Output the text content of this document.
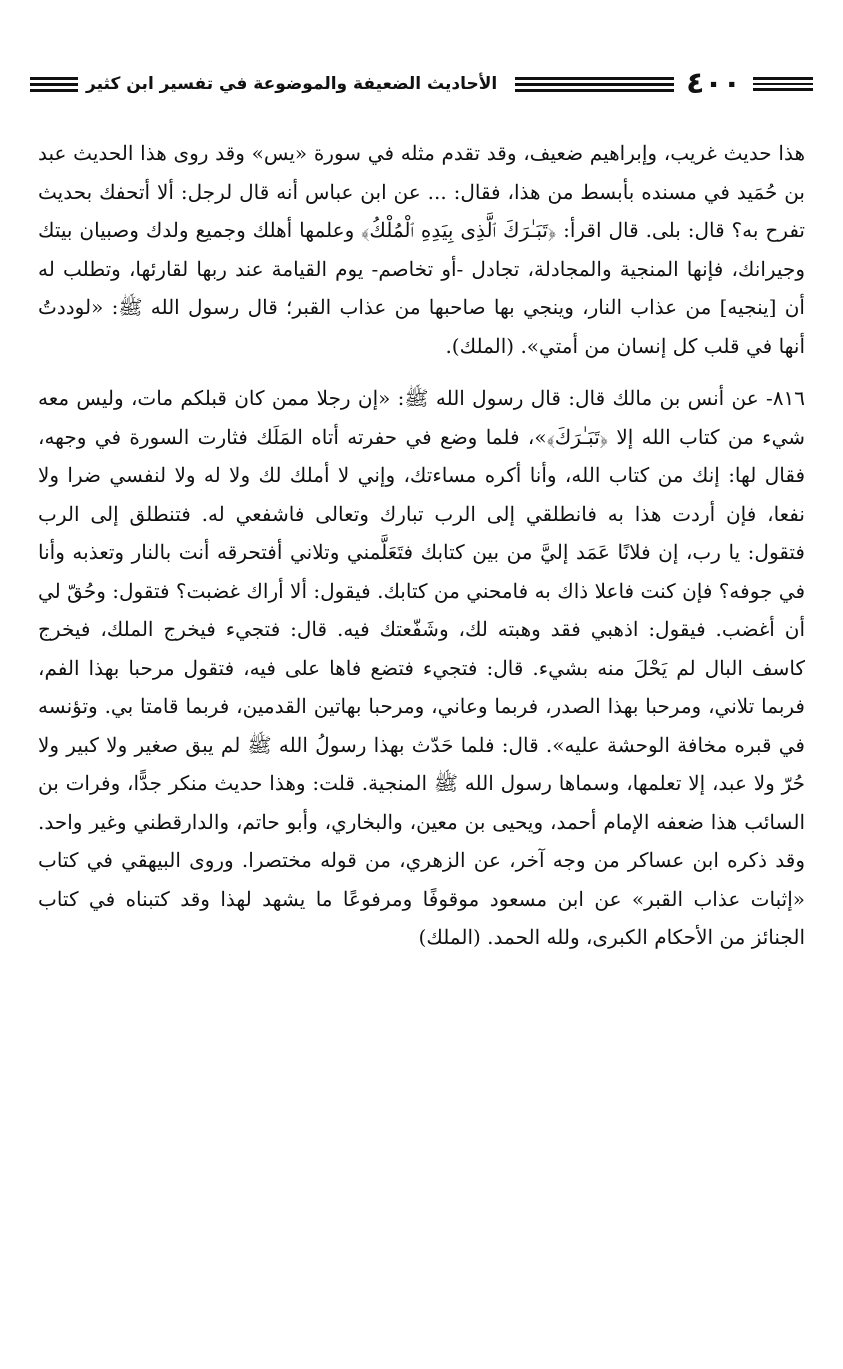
٤٠٠
الأحاديث الضعيفة والموضوعة في تفسير ابن كثير

هذا حديث غريب، وإبراهيم ضعيف، وقد تقدم مثله في سورة «يس» وقد روى هذا الحديث عبد بن حُمَيد في مسنده بأبسط من هذا، فقال: ... عن ابن عباس أنه قال لرجل: ألا أتحفك بحديث تفرح به؟ قال: بلى. قال اقرأ: ﴿تَبَـٰرَكَ ٱلَّذِى بِيَدِهِ ٱلْمُلْكُ﴾ وعلمها أهلك وجميع ولدك وصبيان بيتك وجيرانك، فإنها المنجية والمجادلة، تجادل -أو تخاصم- يوم القيامة عند ربها لقارئها، وتطلب له أن [ينجيه] من عذاب النار، وينجي بها صاحبها من عذاب القبر؛ قال رسول الله ﷺ: «لوددتُ أنها في قلب كل إنسان من أمتي». (الملك).

٨١٦- عن أنس بن مالك قال: قال رسول الله ﷺ: «إن رجلا ممن كان قبلكم مات، وليس معه شيء من كتاب الله إلا ﴿تَبَـٰرَكَ﴾»، فلما وضع في حفرته أتاه المَلَك فثارت السورة في وجهه، فقال لها: إنك من كتاب الله، وأنا أكره مساءتك، وإني لا أملك لك ولا له ولا لنفسي ضرا ولا نفعا، فإن أردت هذا به فانطلقي إلى الرب تبارك وتعالى فاشفعي له. فتنطلق إلى الرب فتقول: يا رب، إن فلانًا عَمَد إليَّ من بين كتابك فتَعَلَّمني وتلاني أفتحرقه أنت بالنار وتعذبه وأنا في جوفه؟ فإن كنت فاعلا ذاك به فامحني من كتابك. فيقول: ألا أراك غضبت؟ فتقول: وحُقّ لي أن أغضب. فيقول: اذهبي فقد وهبته لك، وشَفّعتك فيه. قال: فتجيء فيخرج الملك، فيخرج كاسف البال لم يَحْلَ منه بشيء. قال: فتجيء فتضع فاها على فيه، فتقول مرحبا بهذا الفم، فربما تلاني، ومرحبا بهذا الصدر، فربما وعاني، ومرحبا بهاتين القدمين، فربما قامتا بي. وتؤنسه في قبره مخافة الوحشة عليه». قال: فلما حَدّث بهذا رسولُ الله ﷺ لم يبق صغير ولا كبير ولا حُرّ ولا عبد، إلا تعلمها، وسماها رسول الله ﷺ المنجية. قلت: وهذا حديث منكر جدًّا، وفرات بن السائب هذا ضعفه الإمام أحمد، ويحيى بن معين، والبخاري، وأبو حاتم، والدارقطني وغير واحد. وقد ذكره ابن عساكر من وجه آخر، عن الزهري، من قوله مختصرا. وروى البيهقي في كتاب «إثبات عذاب القبر» عن ابن مسعود موقوفًا ومرفوعًا ما يشهد لهذا وقد كتبناه في كتاب الجنائز من الأحكام الكبرى، ولله الحمد. (الملك)
